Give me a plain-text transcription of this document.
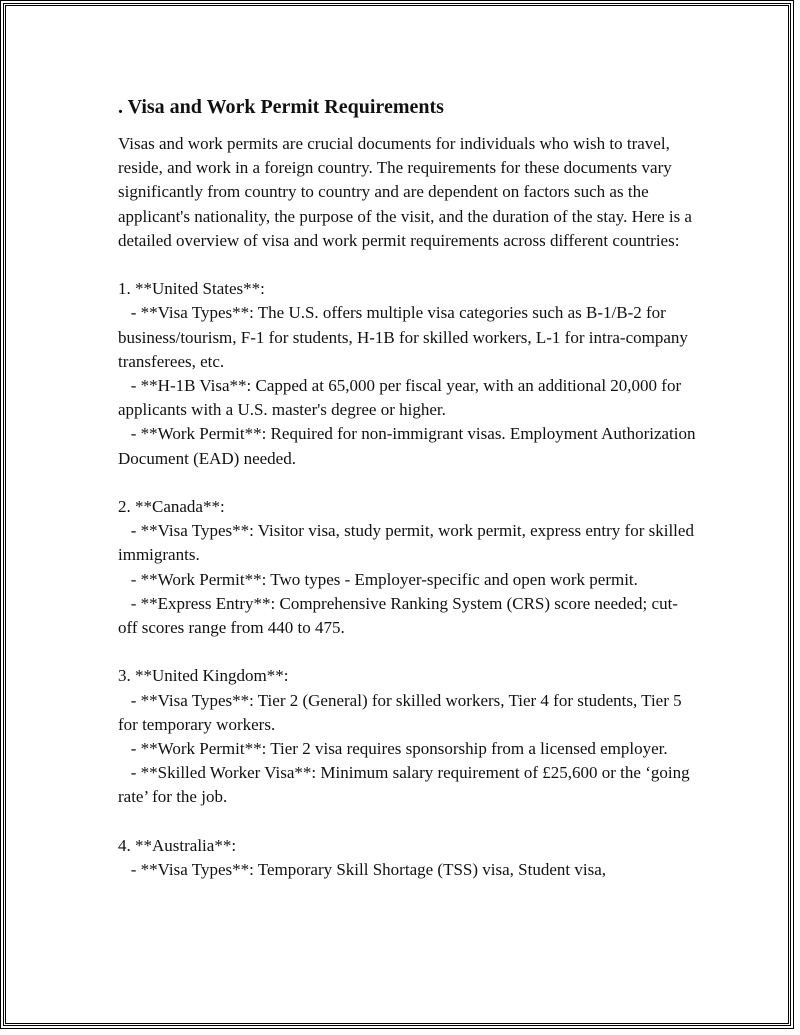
. Visa and Work Permit Requirements

Visas and work permits are crucial documents for individuals who wish to travel, reside, and work in a foreign country. The requirements for these documents vary significantly from country to country and are dependent on factors such as the applicant's nationality, the purpose of the visit, and the duration of the stay. Here is a detailed overview of visa and work permit requirements across different countries:

1. **United States**:

- **Visa Types**: The U.S. offers multiple visa categories such as B-1/B-2 for business/tourism, F-1 for students, H-1B for skilled workers, L-1 for intra-company transferees, etc.

- **H-1B Visa**: Capped at 65,000 per fiscal year, with an additional 20,000 for applicants with a U.S. master's degree or higher.

- **Work Permit**: Required for non-immigrant visas. Employment Authorization Document (EAD) needed.

2. **Canada**:

- **Visa Types**: Visitor visa, study permit, work permit, express entry for skilled immigrants.

- **Work Permit**: Two types - Employer-specific and open work permit.

- **Express Entry**: Comprehensive Ranking System (CRS) score needed; cut-off scores range from 440 to 475.

3. **United Kingdom**:

- **Visa Types**: Tier 2 (General) for skilled workers, Tier 4 for students, Tier 5 for temporary workers.

- **Work Permit**: Tier 2 visa requires sponsorship from a licensed employer.

- **Skilled Worker Visa**: Minimum salary requirement of £25,600 or the ‘going rate’ for the job.

4. **Australia**:

- **Visa Types**: Temporary Skill Shortage (TSS) visa, Student visa,
